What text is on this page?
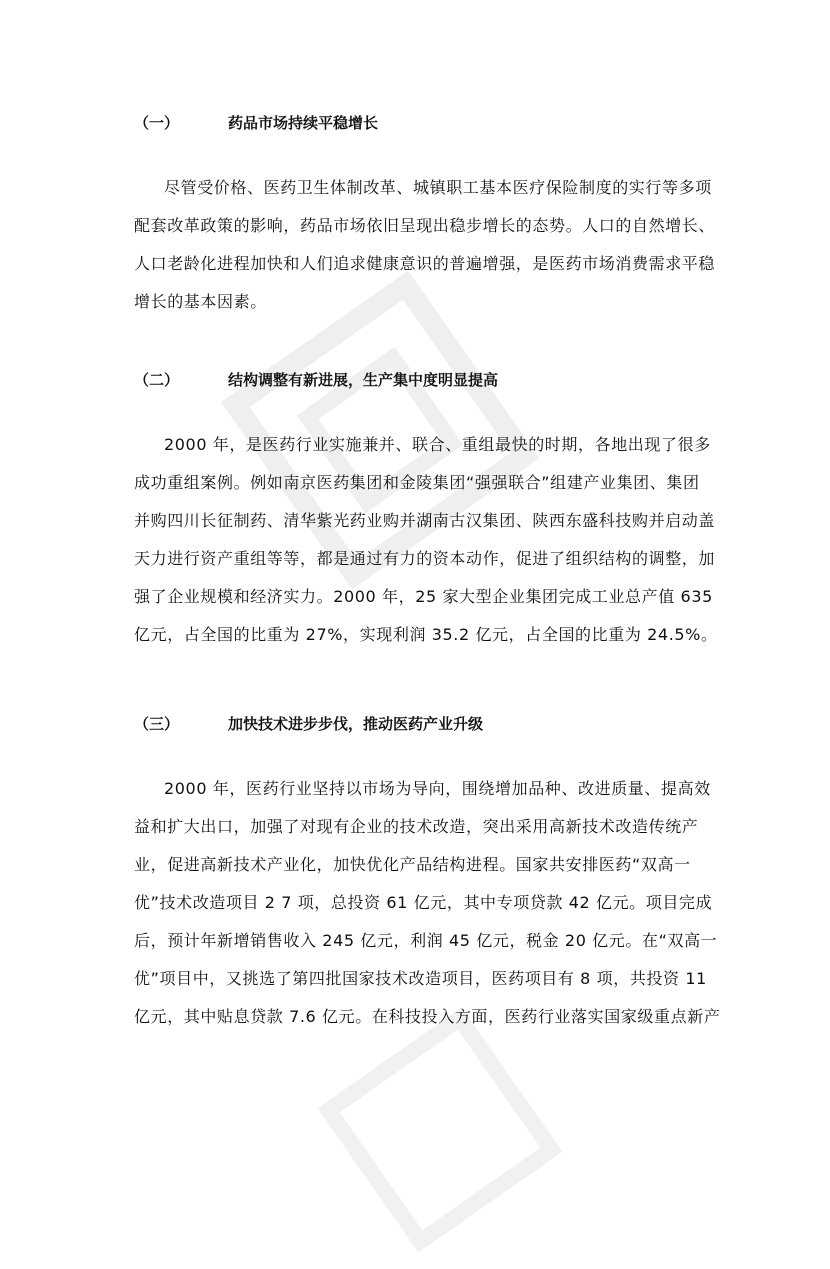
（一）	药品市场持续平稳增长
尽管受价格、医药卫生体制改革、城镇职工基本医疗保险制度的实行等多项
配套改革政策的影响，药品市场依旧呈现出稳步增长的态势。人口的自然增长、
人口老龄化进程加快和人们追求健康意识的普遍增强，是医药市场消费需求平稳
增长的基本因素。
（二）	结构调整有新进展，生产集中度明显提高
2000 年，是医药行业实施兼并、联合、重组最快的时期，各地出现了很多
成功重组案例。例如南京医药集团和金陵集团“强强联合”组建产业集团、集团
并购四川长征制药、清华紫光药业购并湖南古汉集团、陕西东盛科技购并启动盖
天力进行资产重组等等，都是通过有力的资本动作，促进了组织结构的调整，加
强了企业规模和经济实力。2000 年，25 家大型企业集团完成工业总产值 635
亿元，占全国的比重为 27%，实现利润 35.2 亿元，占全国的比重为 24.5%。
（三）	加快技术进步步伐，推动医药产业升级
2000 年，医药行业坚持以市场为导向，围绕增加品种、改进质量、提高效
益和扩大出口，加强了对现有企业的技术改造，突出采用高新技术改造传统产
业，促进高新技术产业化，加快优化产品结构进程。国家共安排医药“双高一
优”技术改造项目 2 7 项，总投资 61 亿元，其中专项贷款 42 亿元。项目完成
后，预计年新增销售收入 245 亿元，利润 45 亿元，税金 20 亿元。在“双高一
优”项目中，又挑选了第四批国家技术改造项目，医药项目有 8 项，共投资 11
亿元，其中贴息贷款 7.6 亿元。在科技投入方面，医药行业落实国家级重点新产
